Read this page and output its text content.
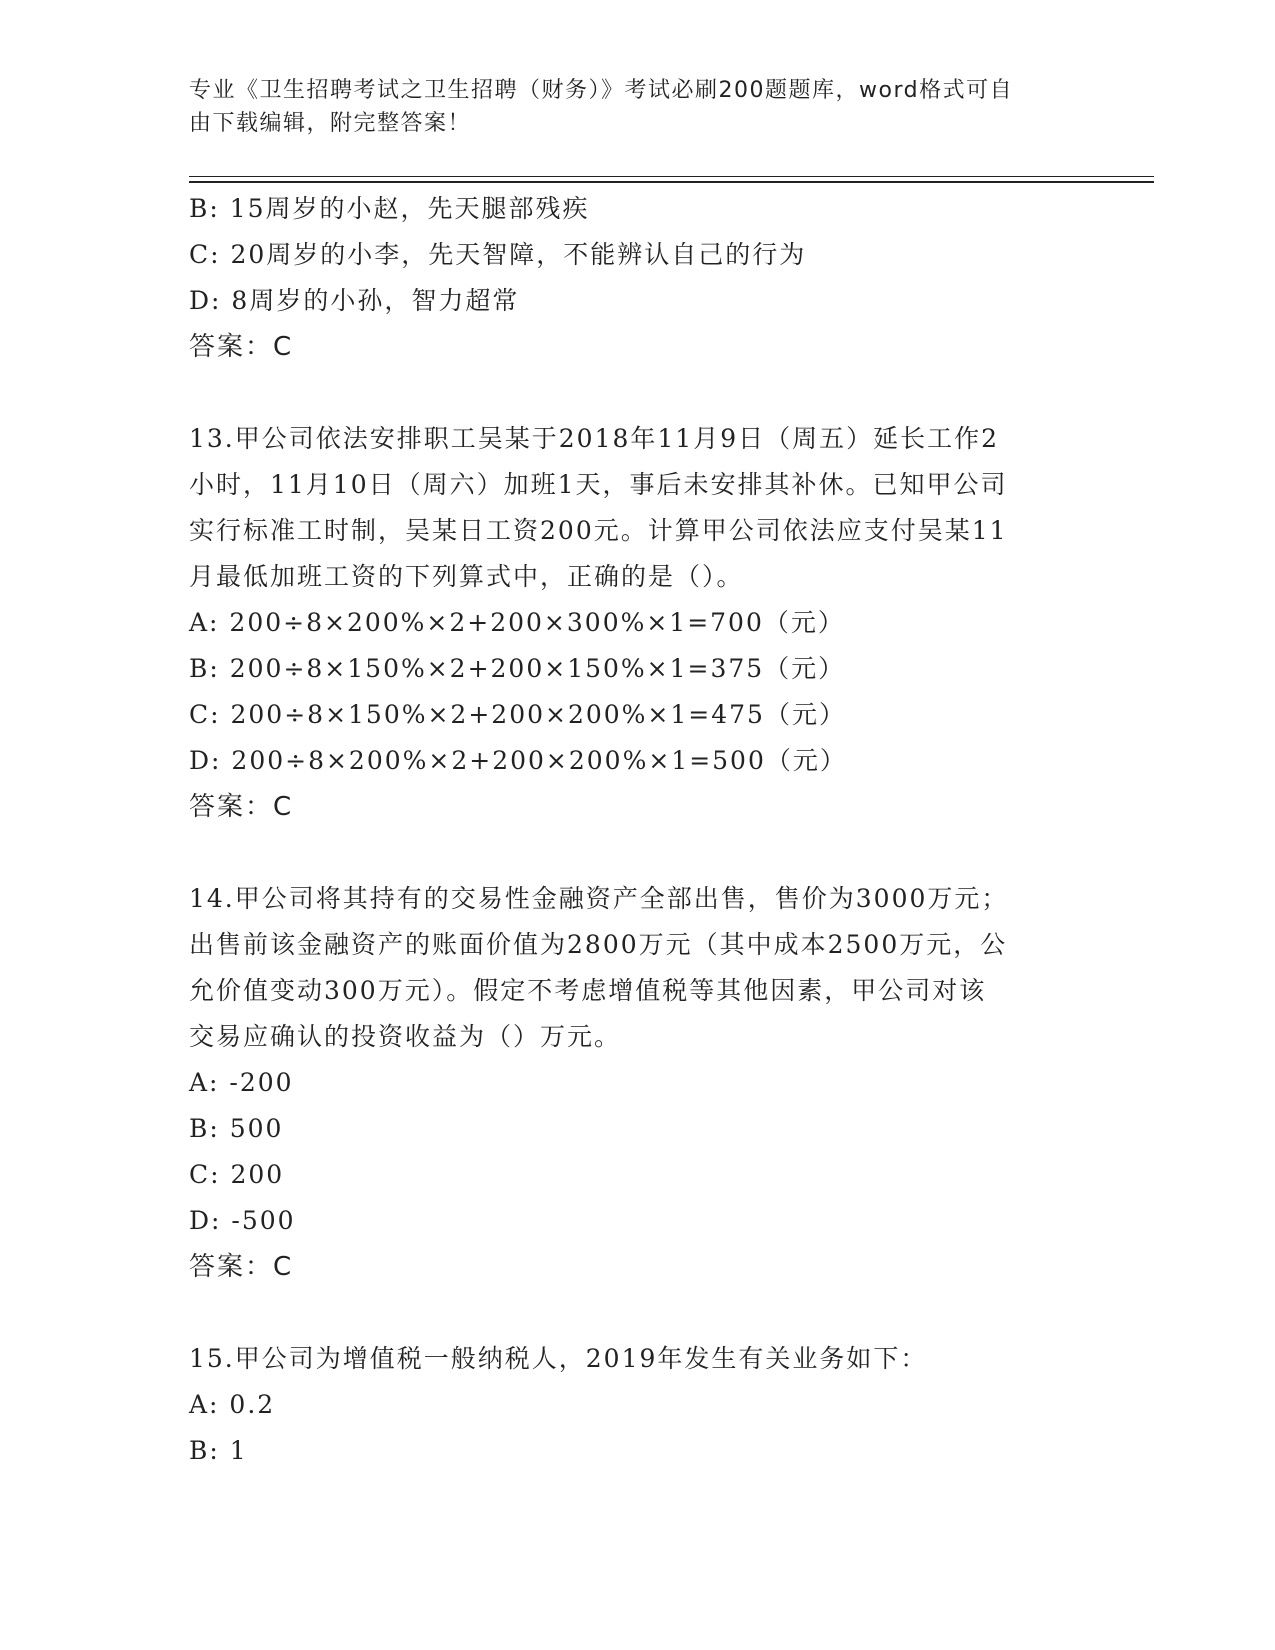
专业《卫生招聘考试之卫生招聘（财务）》考试必刷200题题库，word格式可自
由下载编辑，附完整答案！
B: 15周岁的小赵，先天腿部残疾
C: 20周岁的小李，先天智障，不能辨认自己的行为
D: 8周岁的小孙，智力超常
答案：C
13.甲公司依法安排职工吴某于2018年11月9日（周五）延长工作2
小时，11月10日（周六）加班1天，事后未安排其补休。已知甲公司
实行标准工时制，吴某日工资200元。计算甲公司依法应支付吴某11
月最低加班工资的下列算式中，正确的是（）。
A: 200÷8×200%×2+200×300%×1=700（元）
B: 200÷8×150%×2+200×150%×1=375（元）
C: 200÷8×150%×2+200×200%×1=475（元）
D: 200÷8×200%×2+200×200%×1=500（元）
答案：C
14.甲公司将其持有的交易性金融资产全部出售，售价为3000万元；
出售前该金融资产的账面价值为2800万元（其中成本2500万元，公
允价值变动300万元）。假定不考虑增值税等其他因素，甲公司对该
交易应确认的投资收益为（）万元。
A: -200
B: 500
C: 200
D: -500
答案：C
15.甲公司为增值税一般纳税人，2019年发生有关业务如下：
A: 0.2
B: 1
